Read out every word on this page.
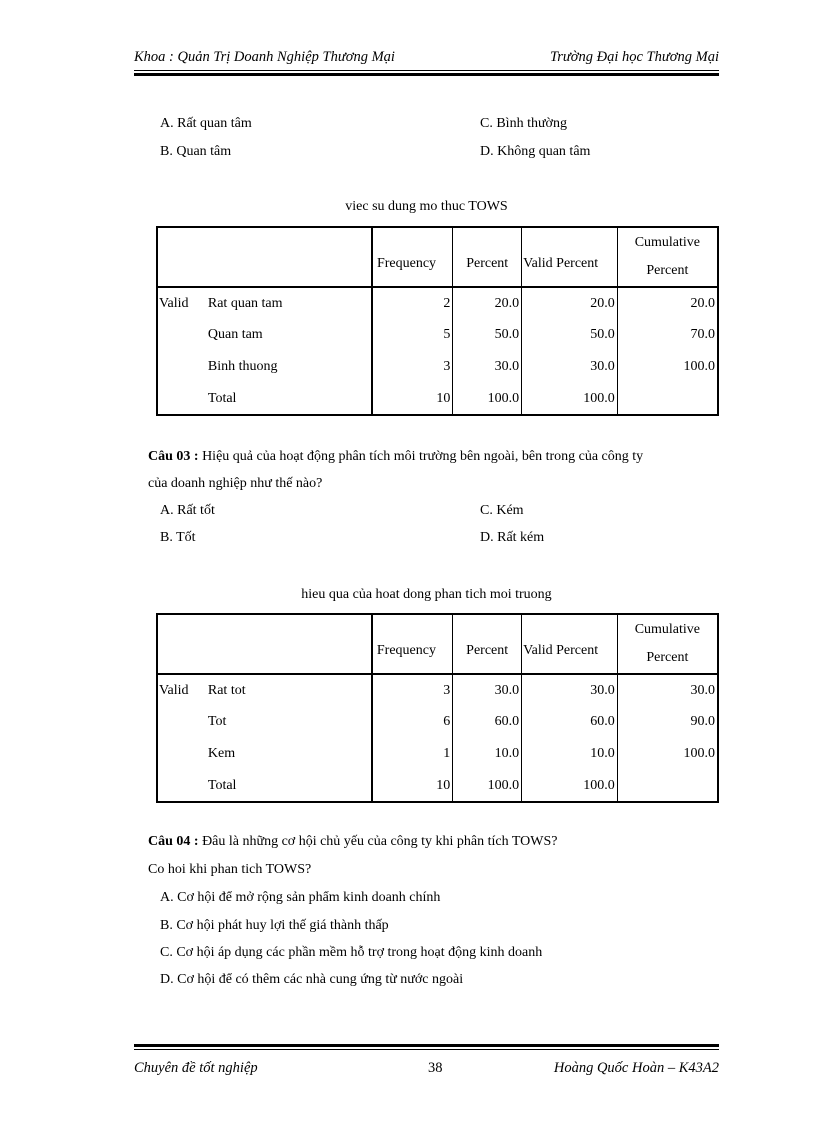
Khoa : Quản Trị Doanh Nghiệp Thương Mại	Trường Đại học Thương Mại
A. Rất quan tâm	C. Bình thường
B. Quan tâm	D. Không quan tâm
viec su dung mo thuc TOWS
		Frequency	Percent	Valid Percent	Cumulative
Percent
Valid	Rat quan tam	2	20.0	20.0	20.0
	Quan tam	5	50.0	50.0	70.0
	Binh thuong	3	30.0	30.0	100.0
	Total	10	100.0	100.0	
Câu 03 : Hiệu quả của hoạt động phân tích môi trường bên ngoài, bên trong của công ty
của doanh nghiệp như thế nào?
A. Rất tốt	C. Kém
B. Tốt	D. Rất kém
hieu qua của hoat dong phan tich moi truong
		Frequency	Percent	Valid Percent	Cumulative
Percent
Valid	Rat tot	3	30.0	30.0	30.0
	Tot	6	60.0	60.0	90.0
	Kem	1	10.0	10.0	100.0
	Total	10	100.0	100.0	
Câu 04 : Đâu là những cơ hội chủ yếu của công ty khi phân tích TOWS?
Co hoi khi phan tich TOWS?
A. Cơ hội để mở rộng sản phẩm kinh doanh chính
B. Cơ hội phát huy lợi thế giá thành thấp
C. Cơ hội áp dụng các phần mềm hỗ trợ trong hoạt động kinh doanh
D. Cơ hội để có thêm các nhà cung ứng từ nước ngoài
Chuyên đề tốt nghiệp	38	Hoàng Quốc Hoàn – K43A2
